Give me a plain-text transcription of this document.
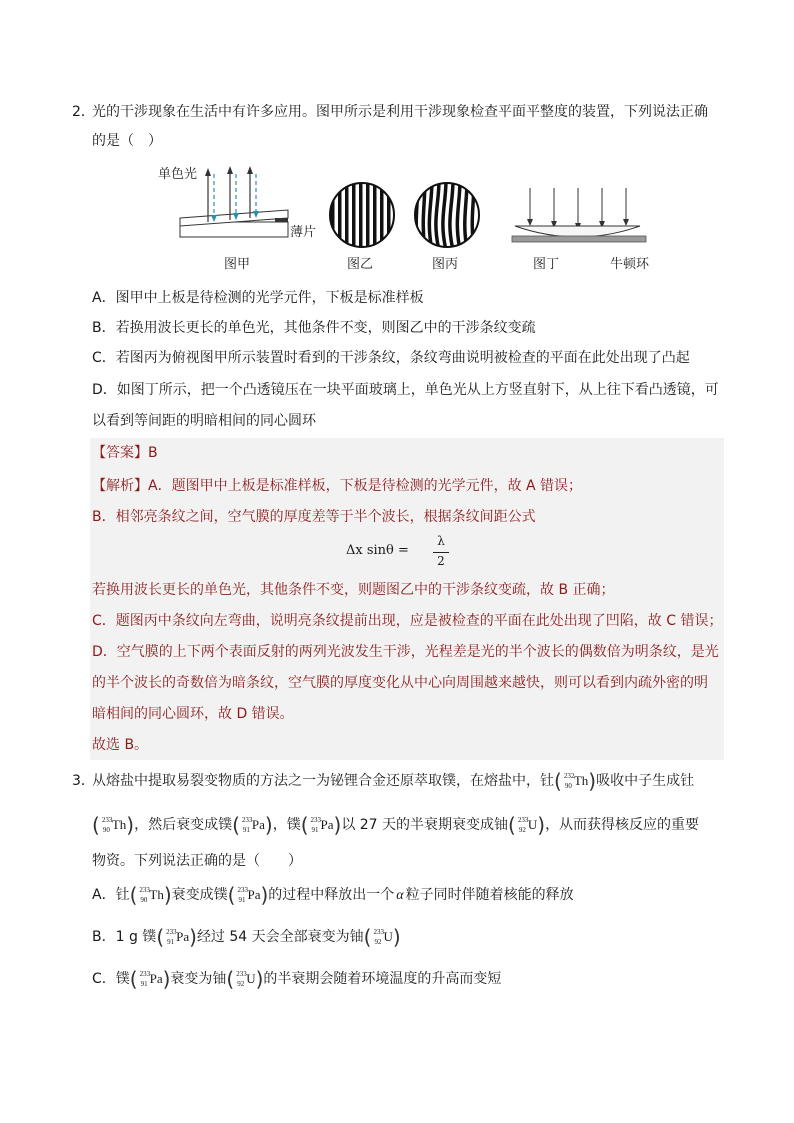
2．
光的干涉现象在生活中有许多应用。图甲所示是利用干涉现象检查平面平整度的装置，下列说法正确
的是（　）
单色光
薄片
图甲	图乙	图丙	图丁	牛顿环
A．图甲中上板是待检测的光学元件，下板是标准样板
B．若换用波长更长的单色光，其他条件不变，则图乙中的干涉条纹变疏
C．若图丙为俯视图甲所示装置时看到的干涉条纹，条纹弯曲说明被检查的平面在此处出现了凸起
D．如图丁所示，把一个凸透镜压在一块平面玻璃上，单色光从上方竖直射下，从上往下看凸透镜，可
以看到等间距的明暗相间的同心圆环
【答案】B
【解析】A．题图甲中上板是标准样板，下板是待检测的光学元件，故 A 错误；
B．相邻亮条纹之间，空气膜的厚度差等于半个波长，根据条纹间距公式
Δx sinθ =
λ
2
若换用波长更长的单色光，其他条件不变，则题图乙中的干涉条纹变疏，故 B 正确；
C．题图丙中条纹向左弯曲，说明亮条纹提前出现，应是被检查的平面在此处出现了凹陷，故 C 错误；
D．空气膜的上下两个表面反射的两列光波发生干涉，光程差是光的半个波长的偶数倍为明条纹，是光
的半个波长的奇数倍为暗条纹，空气膜的厚度变化从中心向周围越来越快，则可以看到内疏外密的明
暗相间的同心圆环，故 D 错误。
故选 B。
3．
从熔盐中提取易裂变物质的方法之一为铋锂合金还原萃取镤，在熔盐中，钍( 232
90 Th)吸收中子生成钍
( 233
90 Th)，然后衰变成镤( 233
91 Pa)，镤( 233
91 Pa)以 27 天的半衰期衰变成铀( 233
92 U)，从而获得核反应的重要
物资。下列说法正确的是（　　）
A．钍( 233
90 Th)衰变成镤( 233
91 Pa)的过程中释放出一个 α 粒子同时伴随着核能的释放
B．1 g 镤( 233
91 Pa)经过 54 天会全部衰变为铀( 233
92 U)
C．镤( 233
91 Pa)衰变为铀( 233
92 U)的半衰期会随着环境温度的升高而变短
